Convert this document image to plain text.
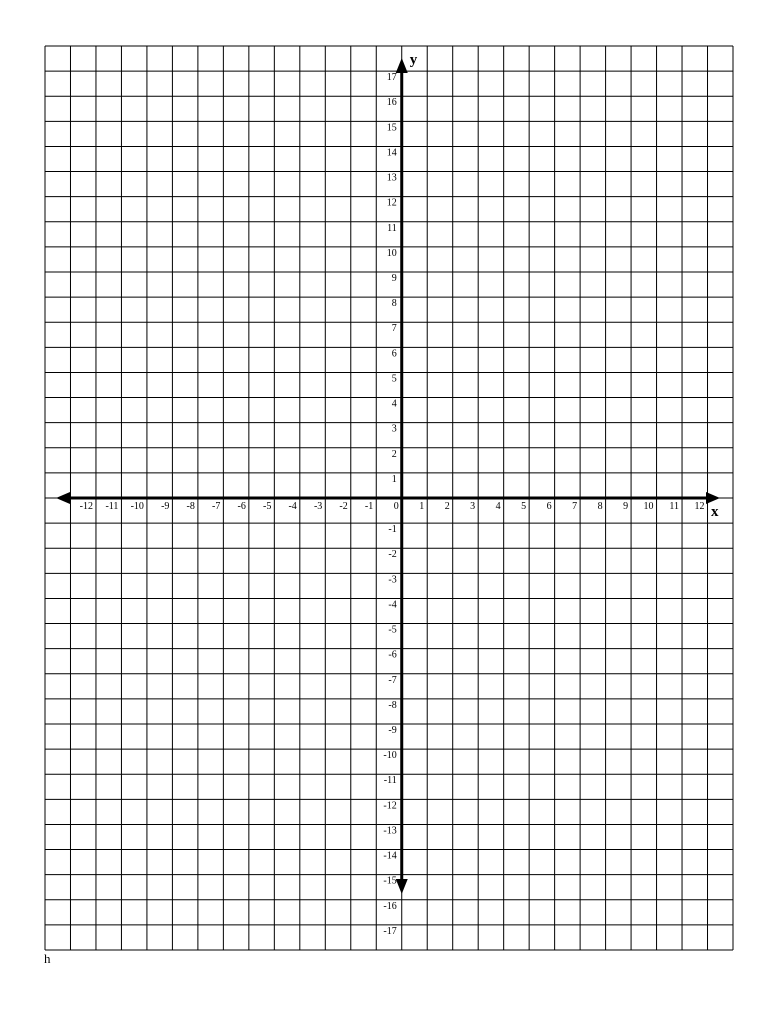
-12 -11 -10 -9 -8 -7 -6 -5 -4 -3 -2 -1 0 1 2 3 4 5 6 7 8 9 10 11 12
17
16
15
14
13
12
11
10
9
8
7
6
5
4
3
2
1
-1
-2
-3
-4
-5
-6
-7
-8
-9
-10
-11
-12
-13
-14
-15
-16
-17
x
y
h
